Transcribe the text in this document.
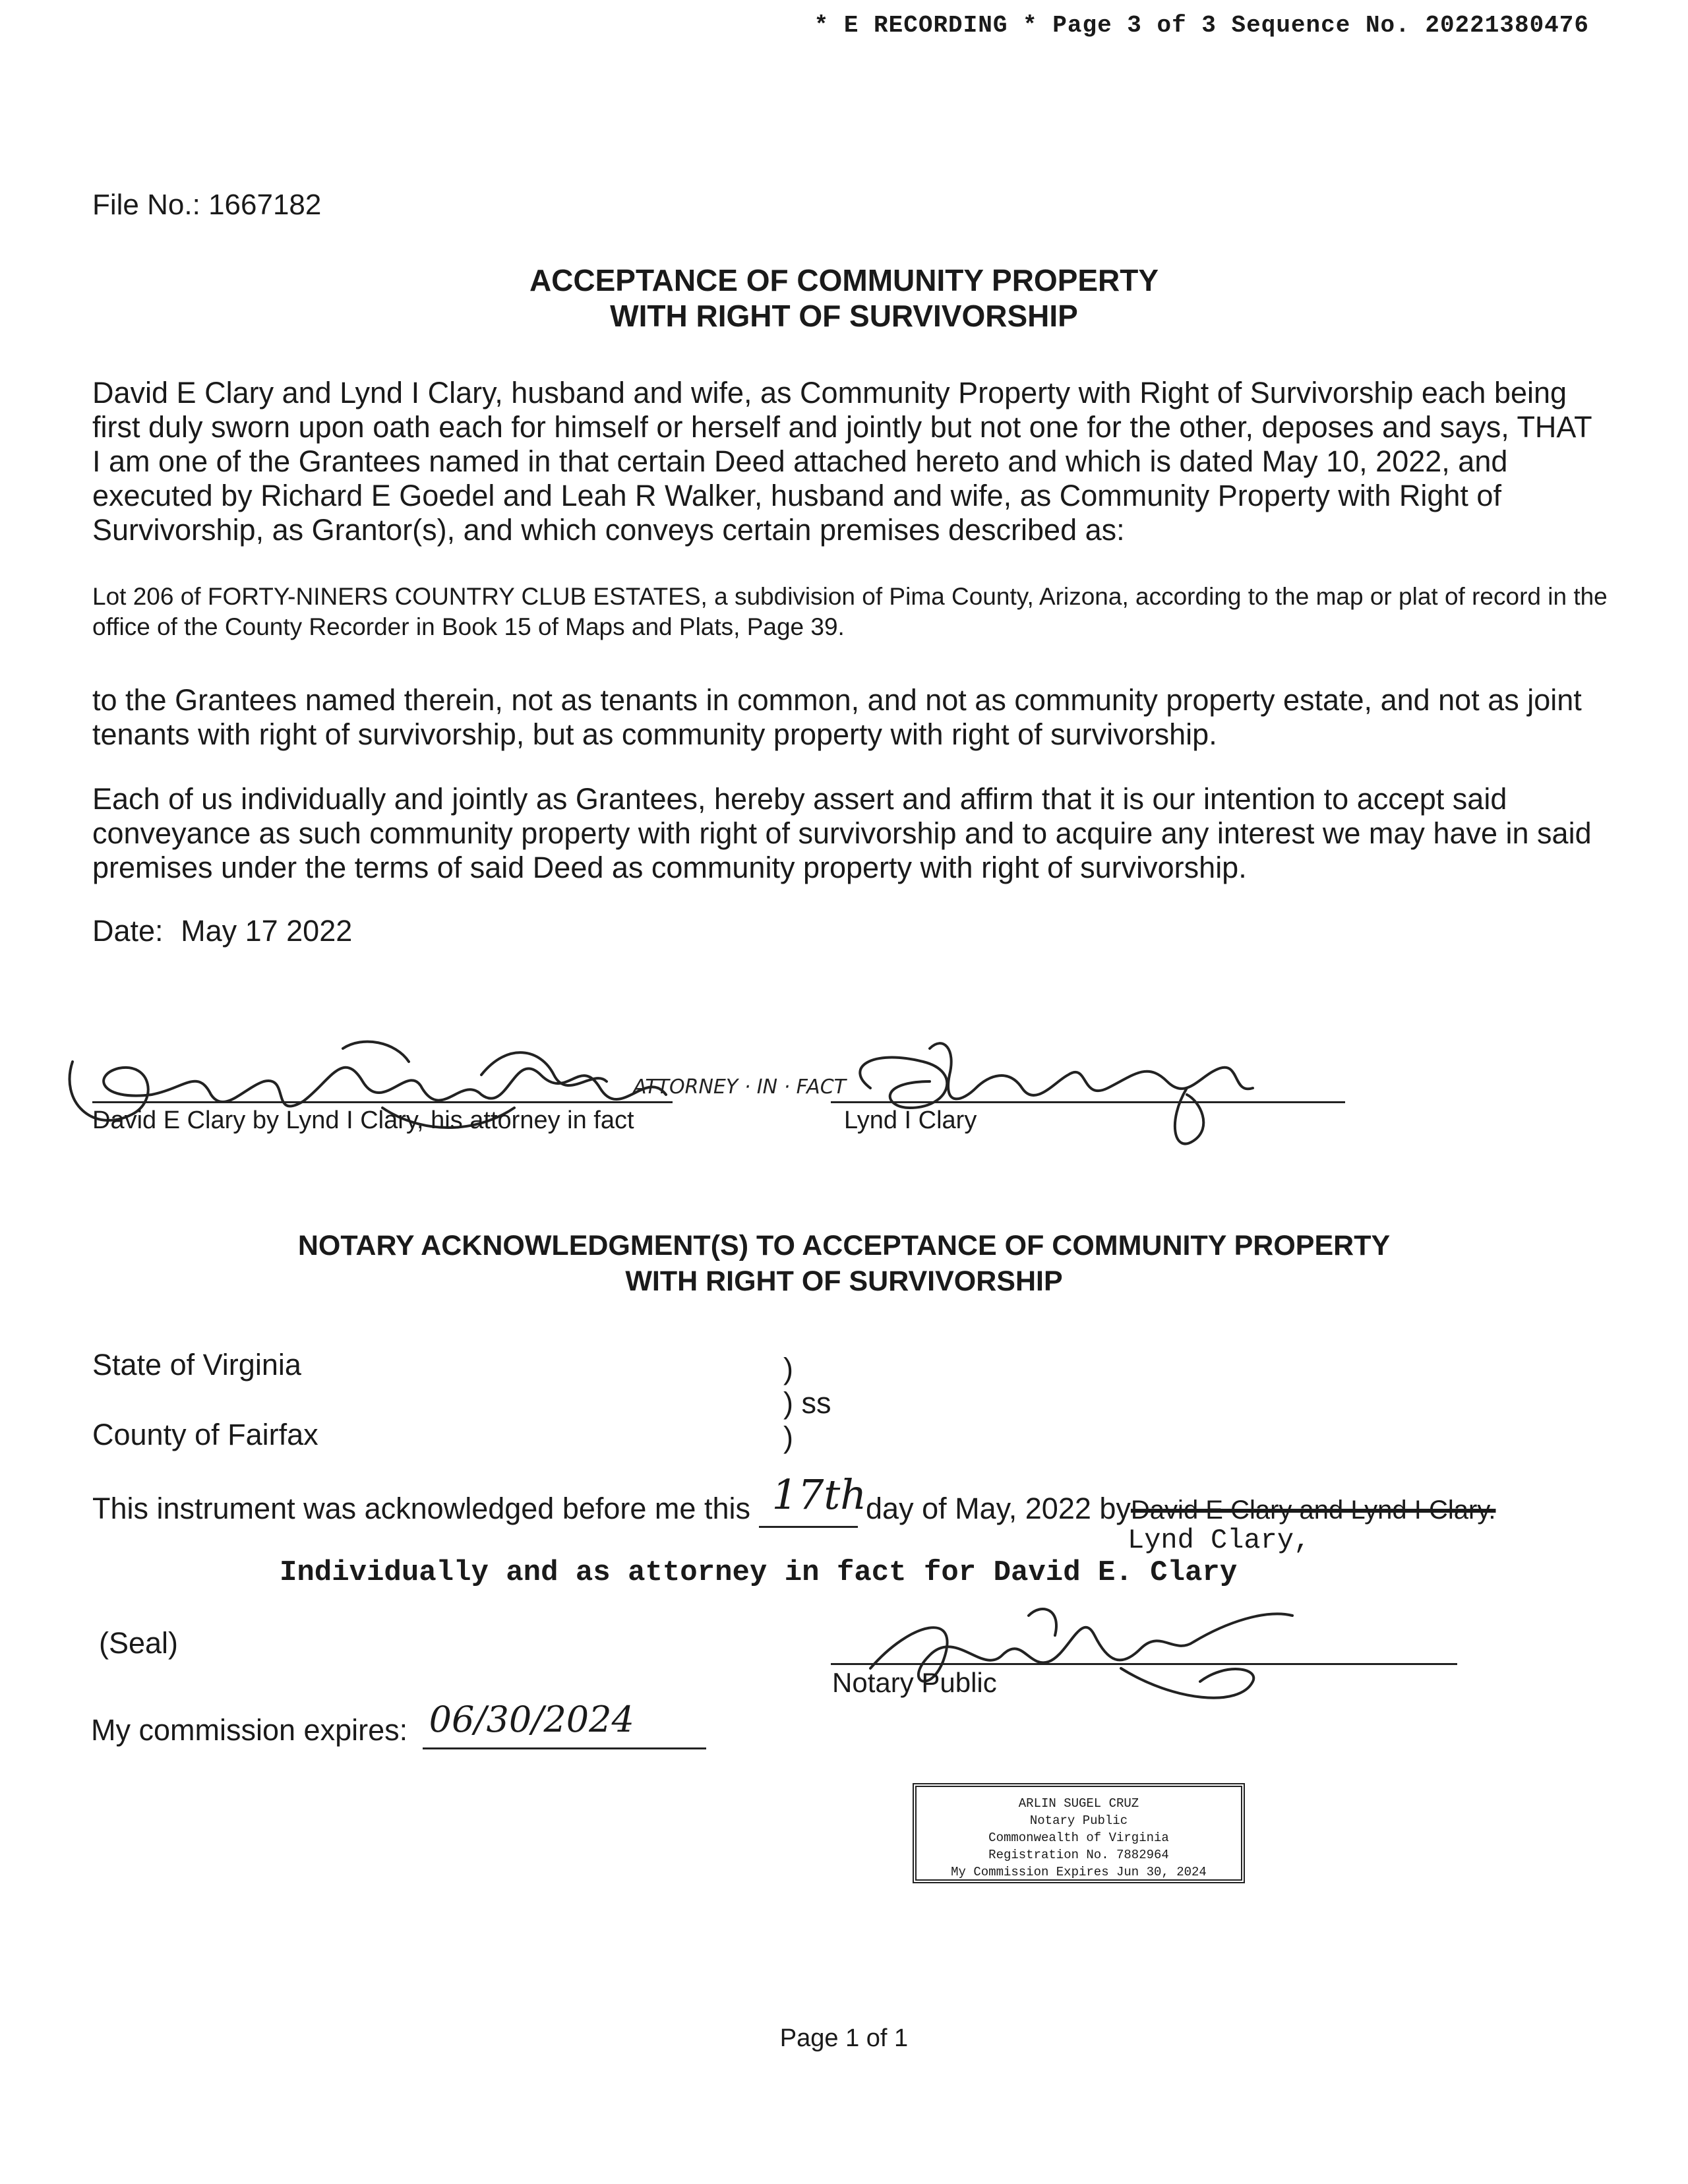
* E RECORDING * Page 3 of 3 Sequence No. 20221380476
File No.: 1667182
ACCEPTANCE OF COMMUNITY PROPERTY
WITH RIGHT OF SURVIVORSHIP
David E Clary and Lynd I Clary, husband and wife, as Community Property with Right of Survivorship each being first duly sworn upon oath each for himself or herself and jointly but not one for the other, deposes and says, THAT I am one of the Grantees named in that certain Deed attached hereto and which is dated May 10, 2022, and executed by Richard E Goedel and Leah R Walker, husband and wife, as Community Property with Right of Survivorship, as Grantor(s), and which conveys certain premises described as:
Lot 206 of FORTY-NINERS COUNTRY CLUB ESTATES, a subdivision of Pima County, Arizona, according to the map or plat of record in the office of the County Recorder in Book 15 of Maps and Plats, Page 39.
to the Grantees named therein, not as tenants in common, and not as community property estate, and not as joint tenants with right of survivorship, but as community property with right of survivorship.
Each of us individually and jointly as Grantees, hereby assert and affirm that it is our intention to accept said conveyance as such community property with right of survivorship and to acquire any interest we may have in said premises under the terms of said Deed as community property with right of survivorship.
Date: May 17 2022
ATTORNEY · IN · FACT
David E Clary by Lynd I Clary, his attorney in fact	Lynd I Clary
NOTARY ACKNOWLEDGMENT(S) TO ACCEPTANCE OF COMMUNITY PROPERTY
WITH RIGHT OF SURVIVORSHIP
State of Virginia
County of Fairfax
)
) ss
)
This instrument was acknowledged before me this 17th
day of May, 2022 byDavid E Clary and Lynd I Clary.
Lynd Clary,
Individually and as attorney in fact for David E. Clary
(Seal)
Notary Public
My commission expires: 06/30/2024

ARLIN SUGEL CRUZ
Notary Public
Commonwealth of Virginia
Registration No. 7882964
My Commission Expires Jun 30, 2024
Page 1 of 1
